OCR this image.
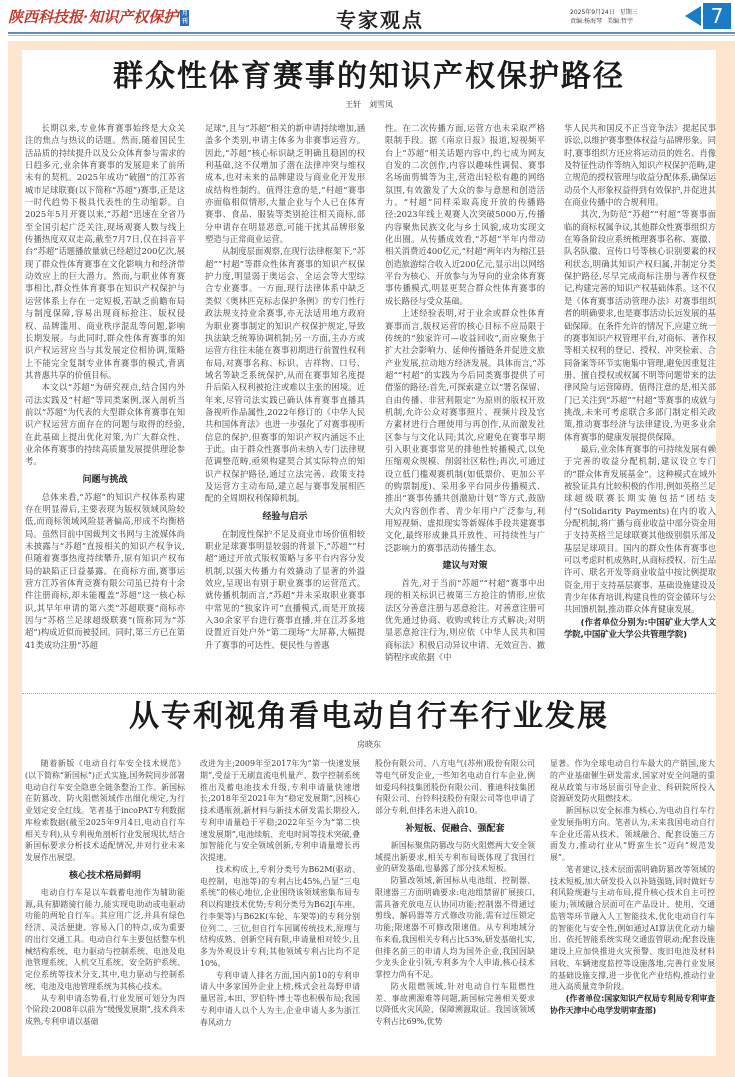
陕西科技报·知识产权保护 月刊	专家观点	2025年9月24日 星期三
责编:杨海琴 美编:哲宇	7
群众性体育赛事的知识产权保护路径
王轩　刘雪凤

长期以来,专业体育赛事始终是大众关注的焦点与热议的话题。然而,随着国民生活品质的持续提升以及公众体育参与需求的日趋多元,业余体育赛事的发展迎来了前所未有的契机。2025年成功“破圈”的江苏省城市足球联赛(以下简称“苏超”)赛事,正是这一时代趋势下极具代表性的生动缩影。自2025年5月开赛以来,“苏超”迅速在全省乃至全国引起广泛关注,现场观赛人数与线上传播热度双双走高,截至7月7日,仅在抖音平台“苏超”话题播放量就已经超过200亿次,展现了群众性体育赛事在文化影响力和经济带动效应上的巨大潜力。然而,与职业体育赛事相比,群众性体育赛事在知识产权保护与运营体系上存在一定短板,若缺乏前瞻布局与制度保障,容易出现商标抢注、版权侵权、品牌滥用、商业秩序混乱等问题,影响长期发展。与此同时,群众性体育赛事的知识产权运营应当与其发展定位相协调,策略上不能完全复制专业体育赛事的模式,背离其普惠共享的价值目标。

本文以“苏超”为研究视点,结合国内外司法实践及“村超”等同类案例,深入剖析当前以“苏超”为代表的大型群众体育赛事在知识产权运营方面存在的问题与取得的经验,在此基础上提出优化对策,为广大群众性、业余体育赛事的持续高质量发展提供理论参考。

问题与挑战

总体来看,“苏超”的知识产权体系构建存在明显滞后,主要表现为版权领域风险较低,而商标领域风险显著偏高,形成不均衡格局。虽然目前中国裁判文书网与主流媒体尚未披露与“苏超”直接相关的知识产权争议,但随着赛事热度持续攀升,原有知识产权布局的缺陷正日益暴露。在商标方面,赛事运营方江苏省体育竞赛有限公司虽已持有十余件注册商标,却未能覆盖“苏超”这一核心标识,其早年申请的第六类“苏超联赛”商标亦因与“苏格兰足球超级联赛”(简称同为“苏超”)构成近似而被驳回。同时,第三方已在第41类成功注册“苏超

足球”,且与“苏超”相关的新申请持续增加,涵盖多个类别,申请主体多为非赛事运营方。因此,“苏超”核心标识缺乏明确且稳固的权利基础,这不仅增加了潜在法律冲突与维权成本,也对未来的品牌建设与商业化开发形成结构性制约。值得注意的是,“村超”赛事亦面临相似情形,大量企业与个人已在体育赛事、食品、服装等类别抢注相关商标,部分申请存在明显恶意,可能干扰其品牌形象塑造与正常商业运营。

从制度层面观察,在现行法律框架下,“苏超”“村超”等群众性体育赛事的知识产权保护力度,明显弱于奥运会、全运会等大型综合专业赛事。一方面,现行法律体系中缺乏类似《奥林匹克标志保护条例》的专门性行政法规支持业余赛事,亦无法适用地方政府为职业赛事制定的知识产权保护规定,导致执法缺乏统筹协调机制;另一方面,主办方或运营方往往未能在赛事初期进行前置性权利布局,对赛事名称、标识、吉祥物、口号、域名等缺乏系统保护,从而在赛事知名度提升后陷入权利被抢注或难以主张的困境。近年来,尽管司法实践已确认体育赛事直播具备视听作品属性,2022年修订的《中华人民共和国体育法》也进一步强化了对赛事视听信息的保护,但赛事的知识产权内涵远不止于此。由于群众性赛事尚未纳入专门法律规范调整范畴,亟须构建契合其实际特点的知识产权保护路径,通过立法完善、政策支持及运营方主动布局,建立起与赛事发展相匹配的全周期权利保障机制。

经验与启示

在制度性保护不足及商业市场价值相较职业足球赛事明显较弱的背景下,“苏超”“村超”通过开放式版权策略与多平台内容分发机制,以强大传播力有效撬动了显著的外溢效应,呈现出有别于职业赛事的运营范式。就传播机制而言,“苏超”并未采取职业赛事中常见的“独家许可”直播模式,而是开放接入30余家平台进行赛事直播,并在江苏多地设置近百处户外“第二现场”大屏幕,大幅提升了赛事的可达性、便民性与普惠

性。在二次传播方面,运营方也未采取严格限制手段。据《南京日报》报道,短视频平台上“苏超”相关话题内容中,约七成为网友自发的二次创作,内容以趣味性调侃、赛事名场面剪辑等为主,营造出轻松有趣的网络氛围,有效激发了大众的参与意愿和创造活力。“村超”同样采取高度开放的传播路径:2023年线上观赛人次突破5000万,传播内容聚焦民族文化与乡土风貌,成功实现文化出圈。从传播成效看,“苏超”半年内带动相关消费近400亿元,“村超”两年内为榕江县创造旅游综合收入近200亿元,显示出以网络平台为核心、开放参与为导向的业余体育赛事传播模式,明显更契合群众性体育赛事的成长路径与受众基础。

上述经验表明,对于业余或群众性体育赛事而言,版权运营的核心目标不应局限于传统的“独家许可—收益回收”,而应聚焦于扩大社会影响力、延伸传播链条并促进文旅产业发展,拉动地方经济发展。具体而言,“苏超”“村超”的实践为今后同类赛事提供了可借鉴的路径:首先,可探索建立以“署名保留、自由传播、非营利限定”为原则的版权开放机制,允许公众对赛事照片、视频片段及官方素材进行合理使用与再创作,从而激发社区参与与文化认同;其次,应避免在赛事早期引入职业赛事常见的排他性转播模式,以免压缩观众规模、削弱社区粘性;再次,可通过设立低门槛观赛机制(如低票价、更加公平的购票制度)、采用多平台同步传播模式、推出“赛事传播共创激励计划”等方式,鼓励大众内容创作者、青少年用户广泛参与,利用短视频、虚拟现实等新媒体手段共建赛事文化,最终形成兼具开放性、可持续性与广泛影响力的赛事活动传播生态。

建议与对策

首先,对于当前“苏超”“村超”赛事中出现的相关标识已被第三方抢注的情形,应依法区分善意注册与恶意抢注。对善意注册可优先通过协商、收购或转让方式解决;对明显恶意抢注行为,则应依《中华人民共和国商标法》积极启动异议申请、无效宣告、撤销程序或依据《中

华人民共和国反不正当竞争法》提起民事诉讼,以维护赛事整体权益与品牌形象。同时,赛事组织方还应将运动员的姓名、肖像及特征性动作等纳入知识产权保护范畴,建立规范的授权管理与收益分配体系,确保运动员个人形象权益得到有效保护,并促进其在商业传播中的合规利用。

其次,为防范“苏超”“村超”等赛事面临的商标权属争议,其他群众性赛事组织方在筹备阶段应系统梳理赛事名称、赛徽、队名队徽、宣传口号等核心识别要素的权利状态,明确其知识产权归属,并制定分类保护路径,尽早完成商标注册与著作权登记,构建完善的知识产权基础体系。这不仅是《体育赛事活动管理办法》对赛事组织者的明确要求,也是赛事活动长远发展的基础保障。在条件允许的情况下,应建立统一的赛事知识产权管理平台,对商标、著作权等相关权利的登记、授权、冲突检索、合同备案等环节实施集中管理,避免因重复注册、擅自授权或权属不明等问题带来的法律风险与运营障碍。值得注意的是,相关部门已关注到“苏超”“村超”等赛事的成就与挑战,未来可考虑联合多部门制定相关政策,推动赛事经济与法律建设,为更多业余体育赛事的健康发展提供保障。

最后,业余体育赛事的可持续发展有赖于完善的收益分配机制,建议设立专门的“群众体育发展基金”。这种模式在域外被验证具有比较积极的作用,例如英格兰足球超级联赛长期实施包括“团结支付”(Solidarity Payments)在内的收入分配机制,将广播与商业收益中部分资金用于支持英格兰足球联赛其他级别俱乐部及基层足球项目。国内的群众性体育赛事也可以考虑时机成熟时,从商标授权、衍生品许可、联名开发等商业收益中按比例提取资金,用于支持基层赛事、基础设施建设及青少年体育培训,构建良性的资金循环与公共回馈机制,推动群众体育健康发展。

(作者单位分别为:中国矿业大学人文学院,中国矿业大学公共管理学院)

从专利视角看电动自行车行业发展
房晓东

随着新版《电动自行车安全技术规范》(以下简称“新国标”)正式实施,国务院同步部署电动自行车安全隐患全链条整治工作。新国标在防篡改、防火阻燃领域作出细化规定,为行业划定安全红线。笔者基于incoPAT专利数据库检索数据(截至2025年9月4日,电动自行车相关专利),从专利视角剖析行业发展现状,结合新国标要求分析技术适配情况,并对行业未来发展作出展望。

核心技术格局鲜明

电动自行车是以车载蓄电池作为辅助能源,具有脚踏骑行能力,能实现电助动或电驱动功能的两轮自行车。其应用广泛,并具有绿色经济、灵活便捷、容易入门的特点,成为重要的出行交通工具。电动自行车主要包括整车机械结构系统、电力驱动与控制系统、电池及电池管理系统、人机交互系统、安全防护系统、定位系统等技术分支,其中,电力驱动与控制系统、电池及电池管理系统为其核心技术。

从专利申请态势看,行业发展可划分为四个阶段:2008年以前为“缓慢发展期”,技术尚未成熟,专利申请以基础

改进为主;2009年至2017年为“第一快速发展期”,受益于无刷直流电机量产、数字控制系统推出及蓄电池技术升级,专利申请量快速增长;2018年至2021年为“稳定发展期”,因核心技术遇瓶颈,新材料与新技术研发需长期投入,专利申请量趋于平稳;2022年至今为“第二快速发展期”,电池续航、充电时间等技术突破,叠加智能化与安全领域创新,专利申请量增长再次提速。

技术构成上,专利分类号为B62M(驱动、电控制、电池等)的专利占比45%,凸显“三电系统”的核心地位,企业围绕该领域密集布局专利以构建技术优势;专利分类号为B62J(车座、行李架等)与B62K(车轮、车架等)的专利分别位列二、三位,但自行车因属传统技术,原理与结构成熟、创新空间有限,申请量相对较少,且多为外观设计专利;其他领域专利占比均不足10%。

专利申请人排名方面,国内前10的专利申请人中多家国外企业上榜,株式会社岛野申请量居首,本田、罗伯特·博士等也积极布局;我国专利申请人以个人为主,企业申请人多为浙江春风动力

股份有限公司、八方电气(苏州)股份有限公司等电气研发企业,一些知名电动自行车企业,例如爱玛科技集团股份有限公司、雅迪科技集团有限公司、台铃科技股份有限公司等也申请了部分专利,但排名未进入前10。

补短板、促融合、强配套

新国标聚焦防篡改与防火阻燃两大安全领域提出新要求,相关专利布局既体现了我国行业的研发基础,也暴露了部分技术短板。

防篡改领域,新国标从电池组、控制器、限速器三方面明确要求:电池组禁留扩展接口,需具备充放电互认协同功能;控制器不得通过剪线、解码器等方式修改功能,需有过压锁定功能;限速器不可修改限速值。从专利地域分布来看,我国相关专利占比53%,研发基础扎实,但排名前三的申请人均为国外企业,我国因缺少龙头企业引领,专利多为个人申请,核心技术掌控力尚有不足。

防火阻燃领域,针对电动自行车阻燃性差、事故溯源难等问题,新国标完善相关要求以降低火灾风险、保障溯源取证。我国该领域专利占比69%,优势

显著。作为全球电动自行车最大的产销国,庞大的产业基础催生研发需求,国家对安全问题的重视从政策与市场层面引导企业、科研院所投入资源研发防火阻燃技术。

新国标以安全标准为核心,为电动自行车行业发展指明方向。笔者认为,未来我国电动自行车企业还需从技术、领域融合、配套设施三方面发力,推动行业从“野蛮生长”迈向“规范发展”。

笔者建议,技术层面需明确防篡改等领域的技术短板,加大研发投入以补链强链,同时做好专利风险规避与主动布局,提升核心技术自主可控能力;领域融合层面可在产品设计、使用、交通监管等环节融入人工智能技术,优化电动自行车的智能化与安全性,例如通过AI算法优化动力输出、依托智能系统实现交通监管联动;配套设施建设上应加快推进火灾预警、废旧电池及材料回收、车辆速度监控等设施落地,完善行业发展的基础设施支撑,进一步优化产业结构,推动行业进入高质量竞争阶段。

(作者单位:国家知识产权局专利局专利审查协作天津中心电学发明审查部)
